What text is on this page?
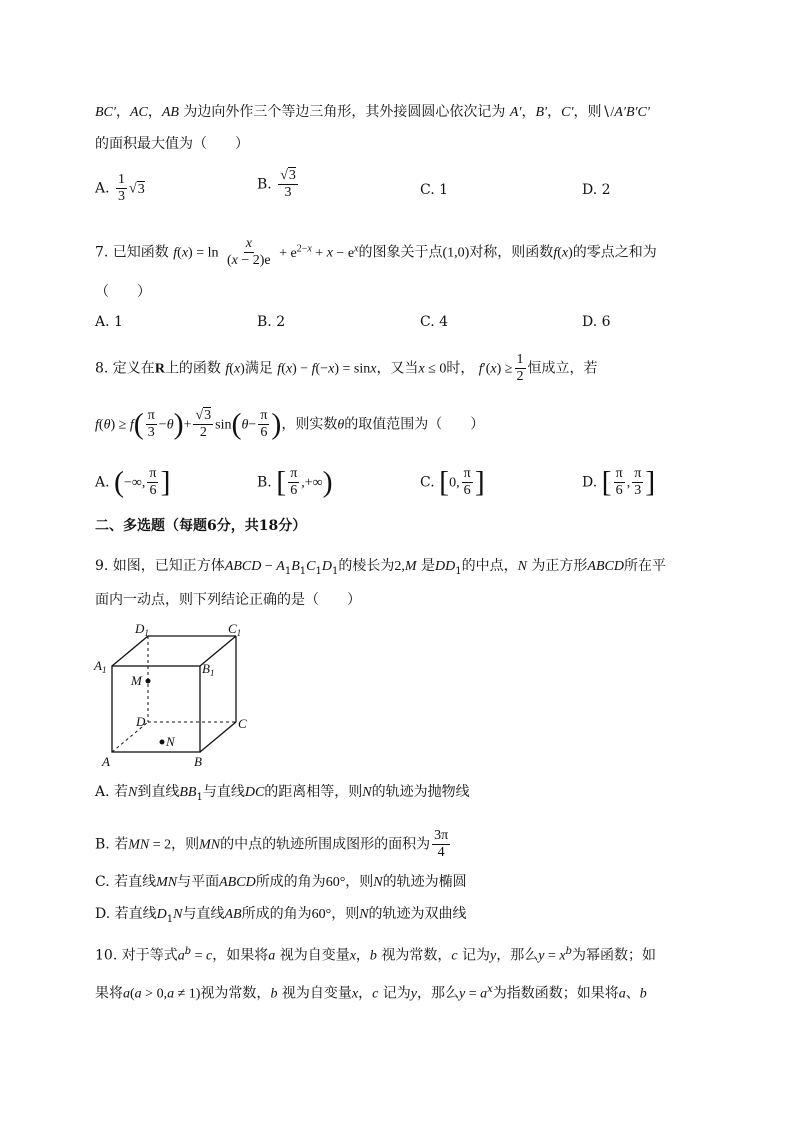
BC′，AC，AB 为边向外作三个等边三角形，其外接圆圆心依次记为 A′，B′，C′，则∖/A′B′C′
的面积最大值为（　　）
A. $\frac{1}{3} √3$	B. $\frac{√3}{3}$	C. 1	D. 2
7. 已知函数 $f(x) = \ln \frac{x}{(x - 2)e} + e^{2-x} + x - e^x$的图象关于点(1,0)对称，则函数f(x)的零点之和为
（　　）
A. 1	B. 2	C. 4	D. 6
8. 定义在R上的函数 f(x)满足 f(x) − f(−x) = sinx，又当x ≤ 0时， $f'(x) \ge \frac{1}{2}$ 恒成立，若
$f(\theta) \ge f( \frac{\pi}{3} -\theta)+ \frac{√3}{2} \sin(\theta- \frac{\pi}{6}$ )，则实数θ的取值范围为（　　）
A. (−∞, $\frac{\pi}{6}$ ]	B. [ $\frac{\pi}{6}$ ,+∞)	C. [0, $\frac{\pi}{6}$ ]	D. [ $\frac{\pi}{6}$ , $\frac{\pi}{3}$ ]
二、多选题（每题6分，共18分）
9. 如图，已知正方体ABCD − $A_1B_1C_1D_1$的棱长为2,M 是$DD_1$的中点，N 为正方形ABCD所在平
面内一动点，则下列结论正确的是（　　）
$D_1$	$C_1$
$A_1$	$B_1$
M
D	C
N
A	B
A. 若N到直线$BB_1$与直线DC的距离相等，则N的轨迹为抛物线
B. 若MN = 2，则MN的中点的轨迹所围成图形的面积为 $\frac{3\pi}{4}$
C. 若直线MN与平面ABCD所成的角为60°，则N的轨迹为椭圆
D. 若直线$D_1N$与直线AB所成的角为60°，则N的轨迹为双曲线
10. 对于等式$a^b = c$，如果将a 视为自变量x，b 视为常数，c 记为y，那么$y = x^b$为幂函数；如
果将a(a > 0,a ≠ 1)视为常数，b 视为自变量x，c 记为y，那么$y = a^x$为指数函数；如果将a、b
